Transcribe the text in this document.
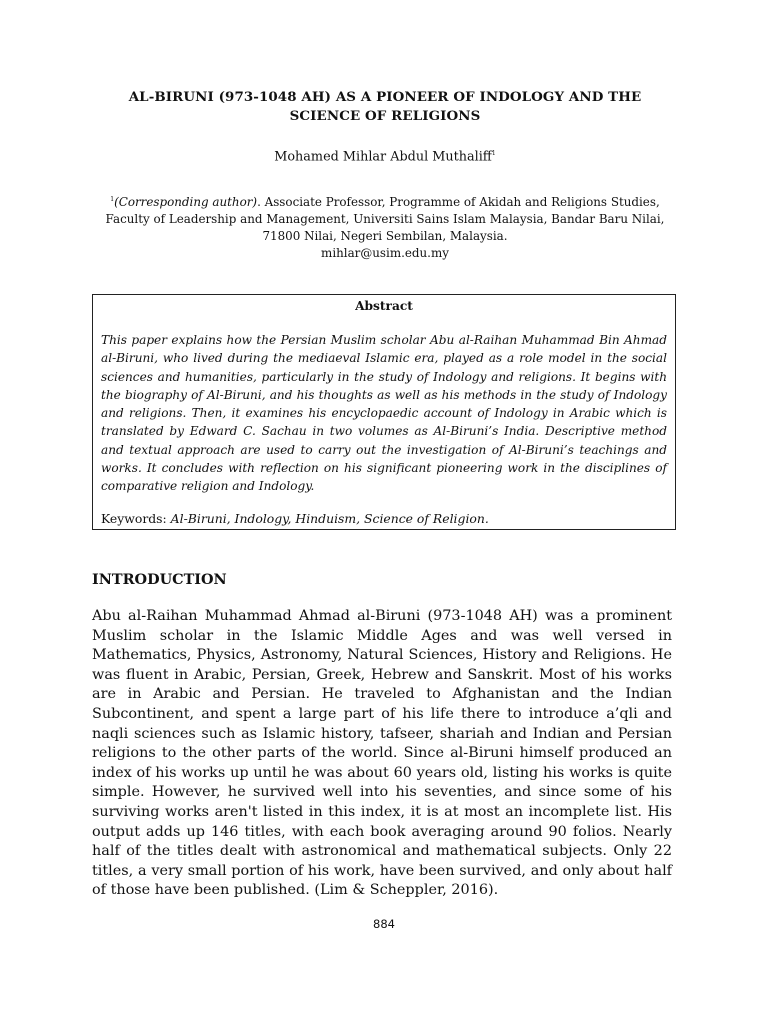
AL-BIRUNI (973-1048 AH) AS A PIONEER OF INDOLOGY AND THE SCIENCE OF RELIGIONS
Mohamed Mihlar Abdul Muthaliff$^1$
$^1$(Corresponding author). Associate Professor, Programme of Akidah and Religions Studies, Faculty of Leadership and Management, Universiti Sains Islam Malaysia, Bandar Baru Nilai, 71800 Nilai, Negeri Sembilan, Malaysia.
mihlar@usim.edu.my
Abstract
This paper explains how the Persian Muslim scholar Abu al-Raihan Muhammad Bin Ahmad al-Biruni, who lived during the mediaeval Islamic era, played as a role model in the social sciences and humanities, particularly in the study of Indology and religions. It begins with the biography of Al-Biruni, and his thoughts as well as his methods in the study of Indology and religions. Then, it examines his encyclopaedic account of Indology in Arabic which is translated by Edward C. Sachau in two volumes as Al-Biruni’s India. Descriptive method and textual approach are used to carry out the investigation of Al-Biruni’s teachings and works. It concludes with reflection on his significant pioneering work in the disciplines of comparative religion and Indology.
Keywords: Al-Biruni, Indology, Hinduism, Science of Religion.
INTRODUCTION
Abu al-Raihan Muhammad Ahmad al-Biruni (973-1048 AH) was a prominent Muslim scholar in the Islamic Middle Ages and was well versed in Mathematics, Physics, Astronomy, Natural Sciences, History and Religions. He was fluent in Arabic, Persian, Greek, Hebrew and Sanskrit. Most of his works are in Arabic and Persian. He traveled to Afghanistan and the Indian Subcontinent, and spent a large part of his life there to introduce a’qli and naqli sciences such as Islamic history, tafseer, shariah and Indian and Persian religions to the other parts of the world. Since al-Biruni himself produced an index of his works up until he was about 60 years old, listing his works is quite simple. However, he survived well into his seventies, and since some of his surviving works aren't listed in this index, it is at most an incomplete list. His output adds up 146 titles, with each book averaging around 90 folios. Nearly half of the titles dealt with astronomical and mathematical subjects. Only 22 titles, a very small portion of his work, have been survived, and only about half of those have been published. (Lim & Scheppler, 2016).
884
